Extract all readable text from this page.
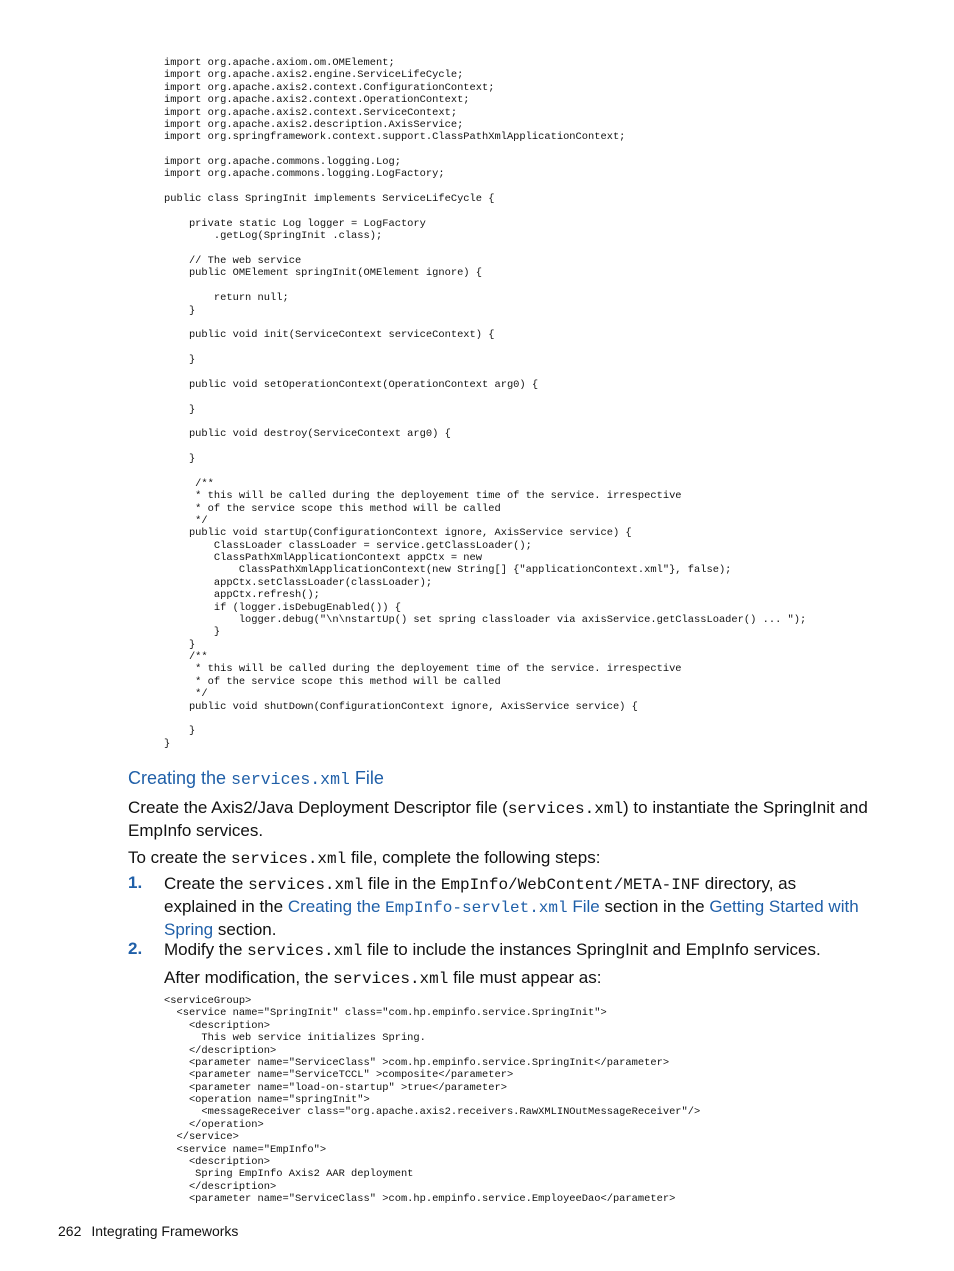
import org.apache.axiom.om.OMElement;
import org.apache.axis2.engine.ServiceLifeCycle;
import org.apache.axis2.context.ConfigurationContext;
import org.apache.axis2.context.OperationContext;
import org.apache.axis2.context.ServiceContext;
import org.apache.axis2.description.AxisService;
import org.springframework.context.support.ClassPathXmlApplicationContext;

import org.apache.commons.logging.Log;
import org.apache.commons.logging.LogFactory;

public class SpringInit implements ServiceLifeCycle {

private static Log logger = LogFactory
.getLog(SpringInit .class);

// The web service
public OMElement springInit(OMElement ignore) {

return null;
}

public void init(ServiceContext serviceContext) {

}

public void setOperationContext(OperationContext arg0) {

}

public void destroy(ServiceContext arg0) {

}

/**
* this will be called during the deployement time of the service. irrespective
* of the service scope this method will be called
*/
public void startUp(ConfigurationContext ignore, AxisService service) {
ClassLoader classLoader = service.getClassLoader();
ClassPathXmlApplicationContext appCtx = new
ClassPathXmlApplicationContext(new String[] {"applicationContext.xml"}, false);
appCtx.setClassLoader(classLoader);
appCtx.refresh();
if (logger.isDebugEnabled()) {
logger.debug("\n\nstartUp() set spring classloader via axisService.getClassLoader() ... ");
}
}
/**
* this will be called during the deployement time of the service. irrespective
* of the service scope this method will be called
*/
public void shutDown(ConfigurationContext ignore, AxisService service) {

}
}
Creating the services.xml File

Create the Axis2/Java Deployment Descriptor file (services.xml) to instantiate the SpringInit and EmpInfo services.

To create the services.xml file, complete the following steps:

1. Create the services.xml file in the EmpInfo/WebContent/META-INF directory, as explained in the Creating the EmpInfo-servlet.xml File section in the Getting Started with Spring section.

2. Modify the services.xml file to include the instances SpringInit and EmpInfo services.

After modification, the services.xml file must appear as:

<serviceGroup>
<service name="SpringInit" class="com.hp.empinfo.service.SpringInit">
<description>
This web service initializes Spring.
</description>
<parameter name="ServiceClass" >com.hp.empinfo.service.SpringInit</parameter>
<parameter name="ServiceTCCL" >composite</parameter>
<parameter name="load-on-startup" >true</parameter>
<operation name="springInit">
<messageReceiver class="org.apache.axis2.receivers.RawXMLINOutMessageReceiver"/>
</operation>
</service>
<service name="EmpInfo">
<description>
Spring EmpInfo Axis2 AAR deployment
</description>
<parameter name="ServiceClass" >com.hp.empinfo.service.EmployeeDao</parameter>
262 Integrating Frameworks
